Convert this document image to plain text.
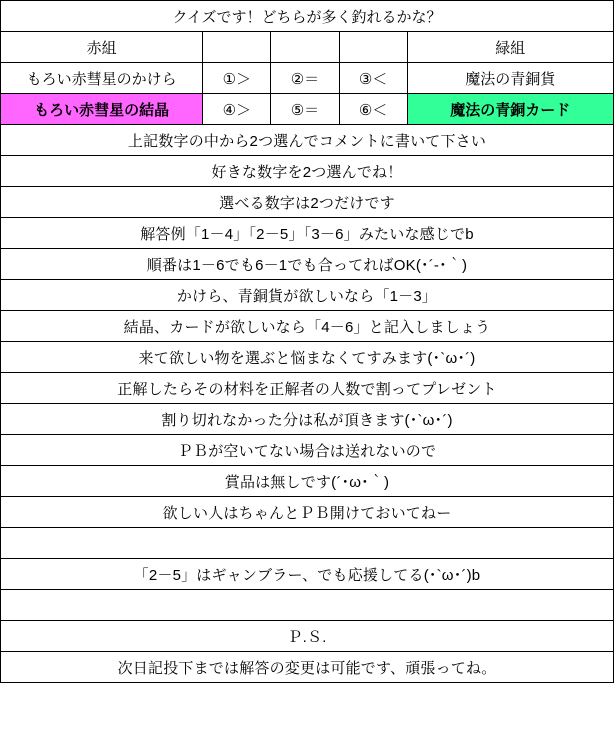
クイズです！どちらが多く釣れるかな？				
赤組				緑組
もろい赤彗星のかけら	①＞	②＝	③＜	魔法の青銅貨
もろい赤彗星の結晶	④＞	⑤＝	⑥＜	魔法の青銅カード
上記数字の中から2つ選んでコメントに書いて下さい				
好きな数字を2つ選んでね！				
選べる数字は2つだけです				
解答例「1－4」「2－5」「3－6」みたいな感じでb				
順番は1－6でも6－1でも合ってればOK(･´‐･｀)				
かけら、青銅貨が欲しいなら「1－3」				
結晶、カードが欲しいなら「4－6」と記入しましょう				
来て欲しい物を選ぶと悩まなくてすみます(･`ω･´)				
正解したらその材料を正解者の人数で割ってプレゼント				
割り切れなかった分は私が頂きます(･`ω･´)				
ＰＢが空いてない場合は送れないので				
賞品は無しです(´･ω･｀)				
欲しい人はちゃんとＰＢ開けておいてねー				

「2－5」はギャンブラー、でも応援してる(･`ω･´)b				

Ｐ.Ｓ.				
次日記投下までは解答の変更は可能です、頑張ってね。				
